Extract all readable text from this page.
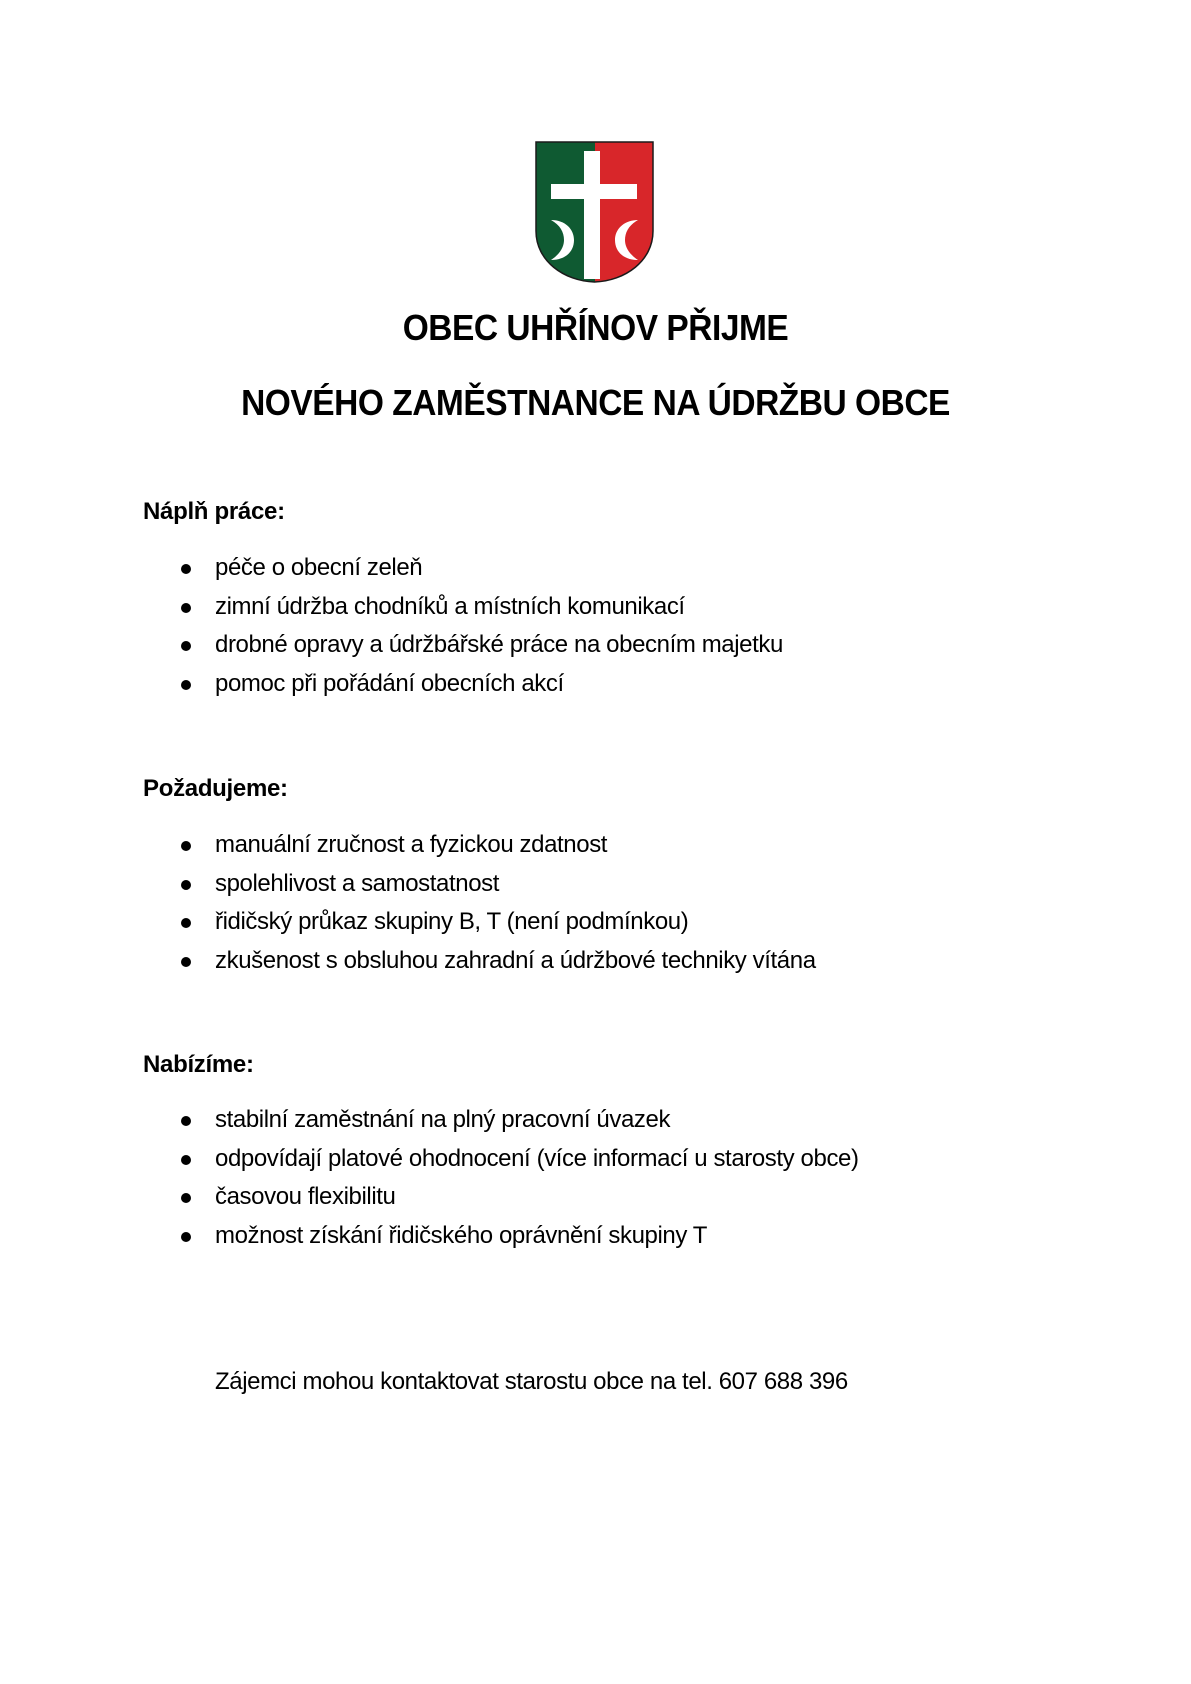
OBEC UHŘÍNOV PŘIJME
NOVÉHO ZAMĚSTNANCE NA ÚDRŽBU OBCE
Náplň práce:
péče o obecní zeleň
zimní údržba chodníků a místních komunikací
drobné opravy a údržbářské práce na obecním majetku
pomoc při pořádání obecních akcí
Požadujeme:
manuální zručnost a fyzickou zdatnost
spolehlivost a samostatnost
řidičský průkaz skupiny B, T (není podmínkou)
zkušenost s obsluhou zahradní a údržbové techniky vítána
Nabízíme:
stabilní zaměstnání na plný pracovní úvazek
odpovídají platové ohodnocení (více informací u starosty obce)
časovou flexibilitu
možnost získání řidičského oprávnění skupiny T
Zájemci mohou kontaktovat starostu obce na tel. 607 688 396
